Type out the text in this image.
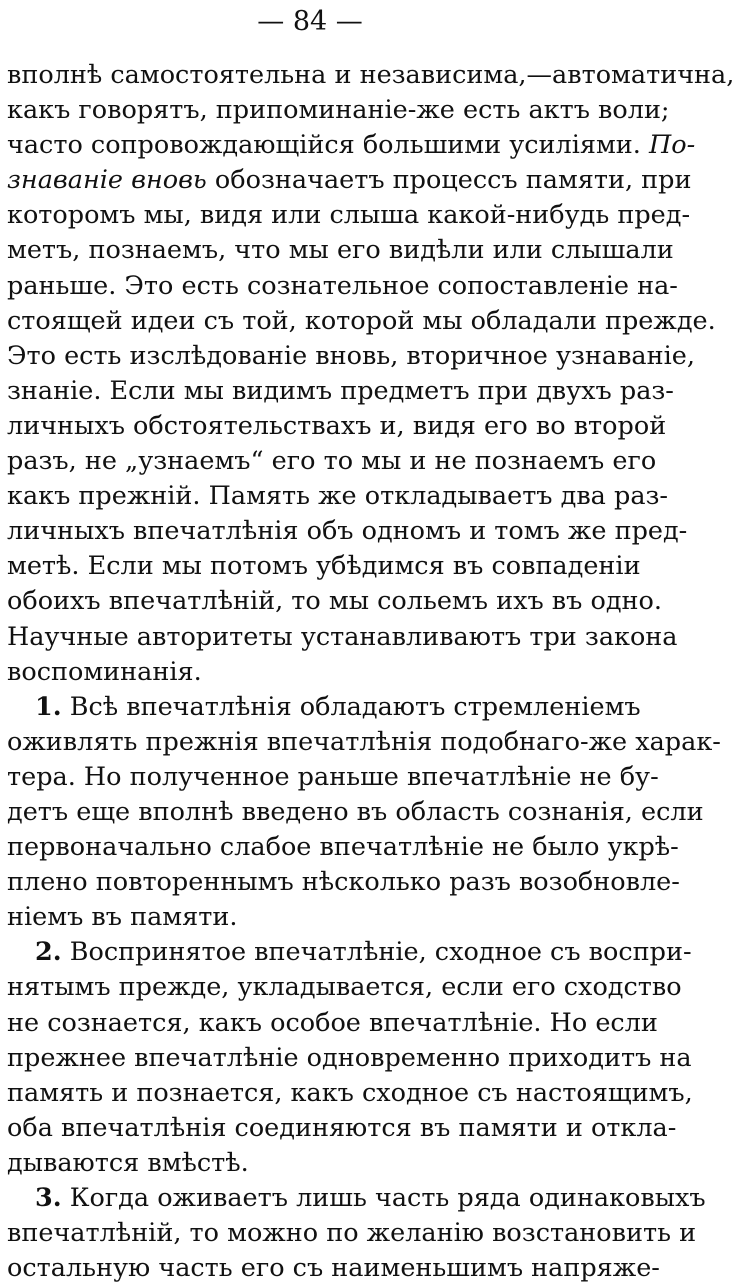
— 84 —
вполнѣ самостоятельна и независима,—автоматична,
какъ говорятъ, припоминаніе-же есть актъ воли;
часто сопровождающійся большими усиліями. По-
знаваніе вновь обозначаетъ процессъ памяти, при
которомъ мы, видя или слыша какой-нибудь пред-
метъ, познаемъ, что мы его видѣли или слышали
раньше. Это есть сознательное сопоставленіе на-
стоящей идеи съ той, которой мы обладали прежде.
Это есть изслѣдованіе вновь, вторичное узнаваніе,
знаніе. Если мы видимъ предметъ при двухъ раз-
личныхъ обстоятельствахъ и, видя его во второй
разъ, не „узнаемъ“ его то мы и не познаемъ его
какъ прежній. Память же откладываетъ два раз-
личныхъ впечатлѣнія объ одномъ и томъ же пред-
метѣ. Если мы потомъ убѣдимся въ совпаденіи
обоихъ впечатлѣній, то мы сольемъ ихъ въ одно.
Научные авторитеты устанавливаютъ три закона
воспоминанія.
1. Всѣ впечатлѣнія обладаютъ стремленіемъ
оживлять прежнія впечатлѣнія подобнаго-же харак-
тера. Но полученное раньше впечатлѣніе не бу-
детъ еще вполнѣ введено въ область сознанія, если
первоначально слабое впечатлѣніе не было укрѣ-
плено повтореннымъ нѣсколько разъ возобновле-
ніемъ въ памяти.
2. Воспринятое впечатлѣніе, сходное съ воспри-
нятымъ прежде, укладывается, если его сходство
не сознается, какъ особое впечатлѣніе. Но если
прежнее впечатлѣніе одновременно приходитъ на
память и познается, какъ сходное съ настоящимъ,
оба впечатлѣнія соединяются въ памяти и откла-
дываются вмѣстѣ.
3. Когда оживаетъ лишь часть ряда одинаковыхъ
впечатлѣній, то можно по желанію возстановить и
остальную часть его съ наименьшимъ напряже-
